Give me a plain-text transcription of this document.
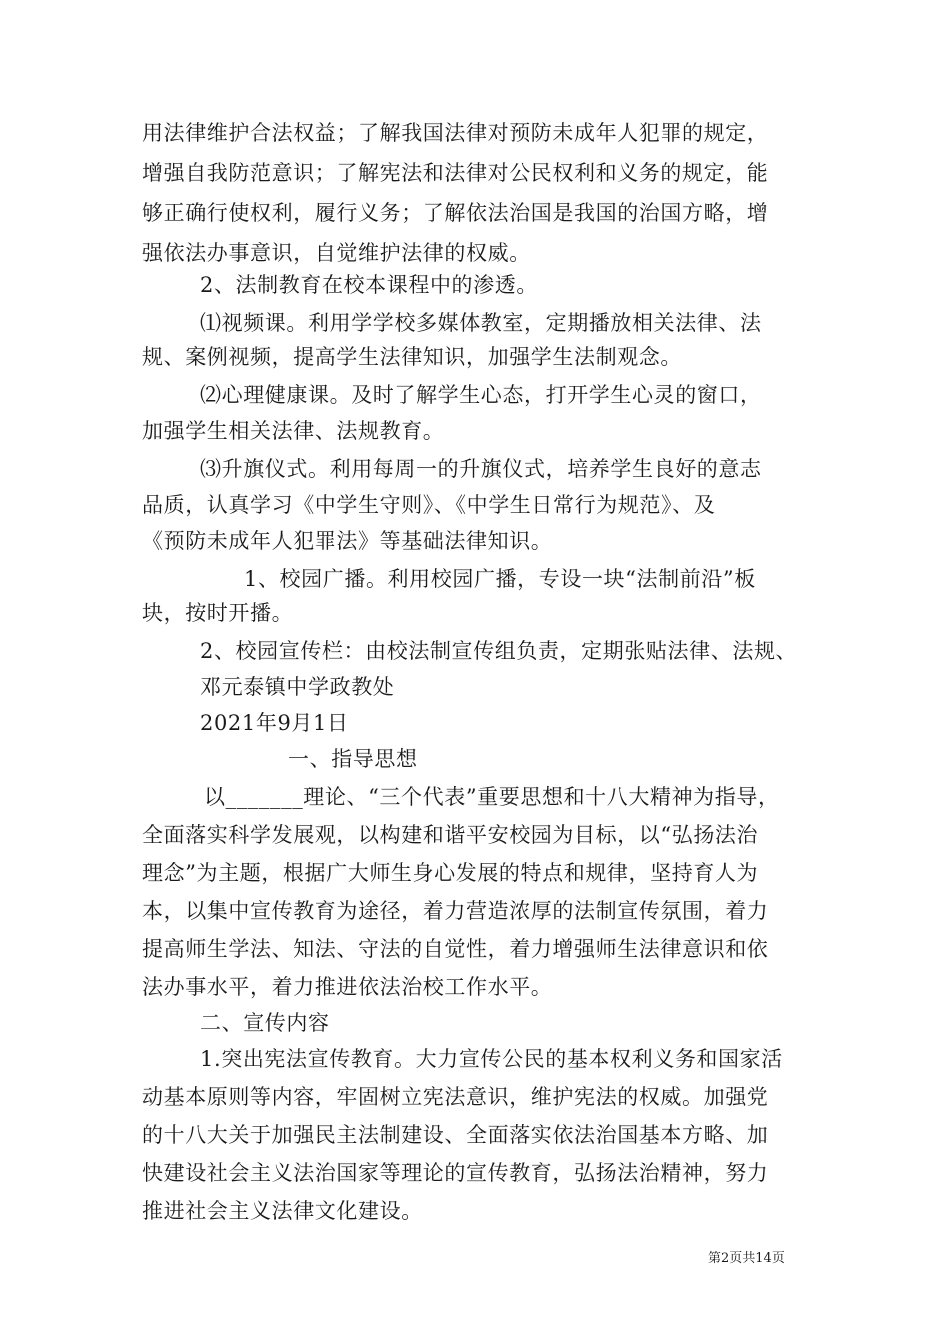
用法律维护合法权益；了解我国法律对预防未成年人犯罪的规定，
增强自我防范意识；了解宪法和法律对公民权利和义务的规定，能
够正确行使权利，履行义务；了解依法治国是我国的治国方略，增
强依法办事意识，自觉维护法律的权威。
2、法制教育在校本课程中的渗透。
⑴视频课。利用学学校多媒体教室，定期播放相关法律、法
规、案例视频，提高学生法律知识，加强学生法制观念。
⑵心理健康课。及时了解学生心态，打开学生心灵的窗口，
加强学生相关法律、法规教育。
⑶升旗仪式。利用每周一的升旗仪式，培养学生良好的意志
品质，认真学习《中学生守则》、《中学生日常行为规范》、及
《预防未成年人犯罪法》等基础法律知识。
1、校园广播。利用校园广播，专设一块“法制前沿”板
块，按时开播。
2、校园宣传栏：由校法制宣传组负责，定期张贴法律、法规、
邓元泰镇中学政教处
2021年9月1日
一、指导思想
以_______理论、“三个代表”重要思想和十八大精神为指导，
全面落实科学发展观，以构建和谐平安校园为目标，以“弘扬法治
理念”为主题，根据广大师生身心发展的特点和规律，坚持育人为
本，以集中宣传教育为途径，着力营造浓厚的法制宣传氛围，着力
提高师生学法、知法、守法的自觉性，着力增强师生法律意识和依
法办事水平，着力推进依法治校工作水平。
二、宣传内容
1.突出宪法宣传教育。大力宣传公民的基本权利义务和国家活
动基本原则等内容，牢固树立宪法意识，维护宪法的权威。加强党
的十八大关于加强民主法制建设、全面落实依法治国基本方略、加
快建设社会主义法治国家等理论的宣传教育，弘扬法治精神，努力
推进社会主义法律文化建设。
第2页共14页
